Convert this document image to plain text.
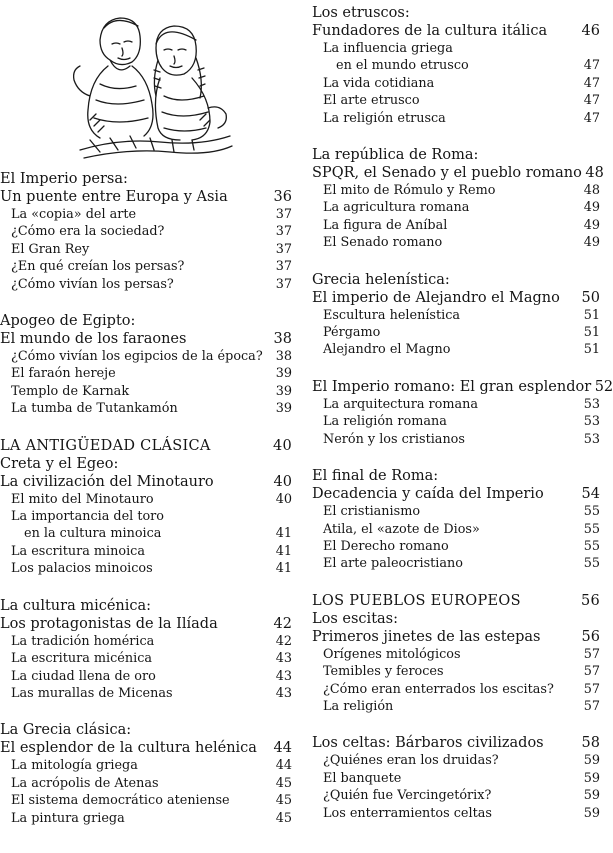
El Imperio persa:
Un puente entre Europa y Asia	36
La «copia» del arte	37
¿Cómo era la sociedad?	37
El Gran Rey	37
¿En qué creían los persas?	37
¿Cómo vivían los persas?	37
Apogeo de Egipto:
El mundo de los faraones	38
¿Cómo vivían los egipcios de la época?	38
El faraón hereje	39
Templo de Karnak	39
La tumba de Tutankamón	39
LA ANTIGÜEDAD CLÁSICA	40
Creta y el Egeo:
La civilización del Minotauro	40
El mito del Minotauro	40
La importancia del toro
en la cultura minoica	41
La escritura minoica	41
Los palacios minoicos	41
La cultura micénica:
Los protagonistas de la Ilíada	42
La tradición homérica	42
La escritura micénica	43
La ciudad llena de oro	43
Las murallas de Micenas	43
La Grecia clásica:
El esplendor de la cultura helénica 44
La mitología griega	44
La acrópolis de Atenas	45
El sistema democrático ateniense	45
La pintura griega	45
Los etruscos:
Fundadores de la cultura itálica 46
La influencia griega
en el mundo etrusco	47
La vida cotidiana	47
El arte etrusco	47
La religión etrusca	47
La república de Roma:
SPQR, el Senado y el pueblo romano 48
El mito de Rómulo y Remo	48
La agricultura romana	49
La figura de Aníbal	49
El Senado romano	49
Grecia helenística:
El imperio de Alejandro el Magno 50
Escultura helenística	51
Pérgamo	51
Alejandro el Magno	51
El Imperio romano: El gran esplendor 52
La arquitectura romana	53
La religión romana	53
Nerón y los cristianos	53
El final de Roma:
Decadencia y caída del Imperio	54
El cristianismo	55
Atila, el «azote de Dios»	55
El Derecho romano	55
El arte paleocristiano	55
LOS PUEBLOS EUROPEOS	56
Los escitas:
Primeros jinetes de las estepas	56
Orígenes mitológicos	57
Temibles y feroces	57
¿Cómo eran enterrados los escitas?	57
La religión	57
Los celtas: Bárbaros civilizados	58
¿Quiénes eran los druidas?	59
El banquete	59
¿Quién fue Vercingetórix?	59
Los enterramientos celtas	59
